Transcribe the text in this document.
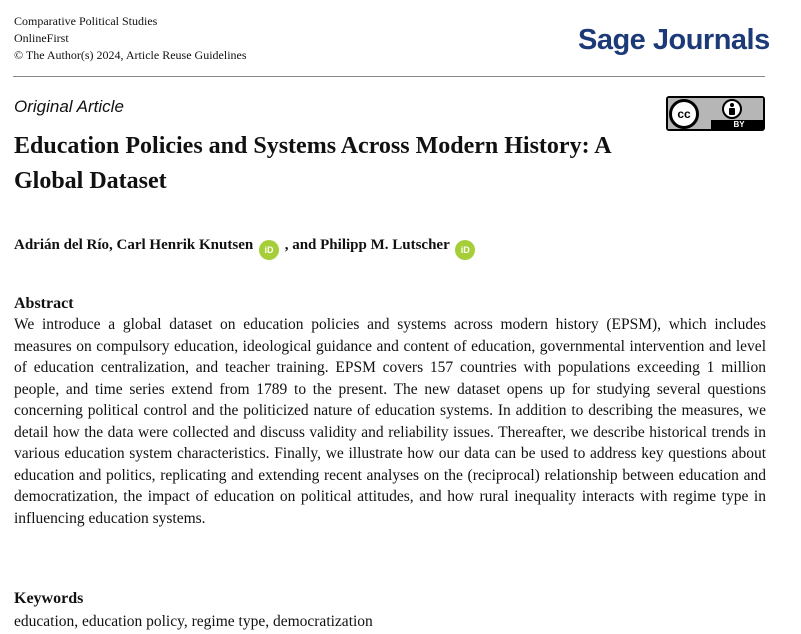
Comparative Political Studies
OnlineFirst
© The Author(s) 2024, Article Reuse Guidelines	Sage Journals
Original Article	cc
BY
Education Policies and Systems Across Modern History: A Global Dataset
Adrián del Río, Carl Henrik Knutsen iD , and Philipp M. Lutscher iD
Abstract

We introduce a global dataset on education policies and systems across modern history (EPSM), which includes measures on compulsory education, ideological guidance and content of education, governmental intervention and level of education centralization, and teacher training. EPSM covers 157 countries with populations exceeding 1 million people, and time series extend from 1789 to the present. The new dataset opens up for studying several questions concerning political control and the politicized nature of education systems. In addition to describing the measures, we detail how the data were collected and discuss validity and reliability issues. Thereafter, we describe historical trends in various education system characteristics. Finally, we illustrate how our data can be used to address key questions about education and politics, replicating and extending recent analyses on the (reciprocal) relationship between education and democratization, the impact of education on political attitudes, and how rural inequality interacts with regime type in influencing education systems.

Keywords
education, education policy, regime type, democratization
